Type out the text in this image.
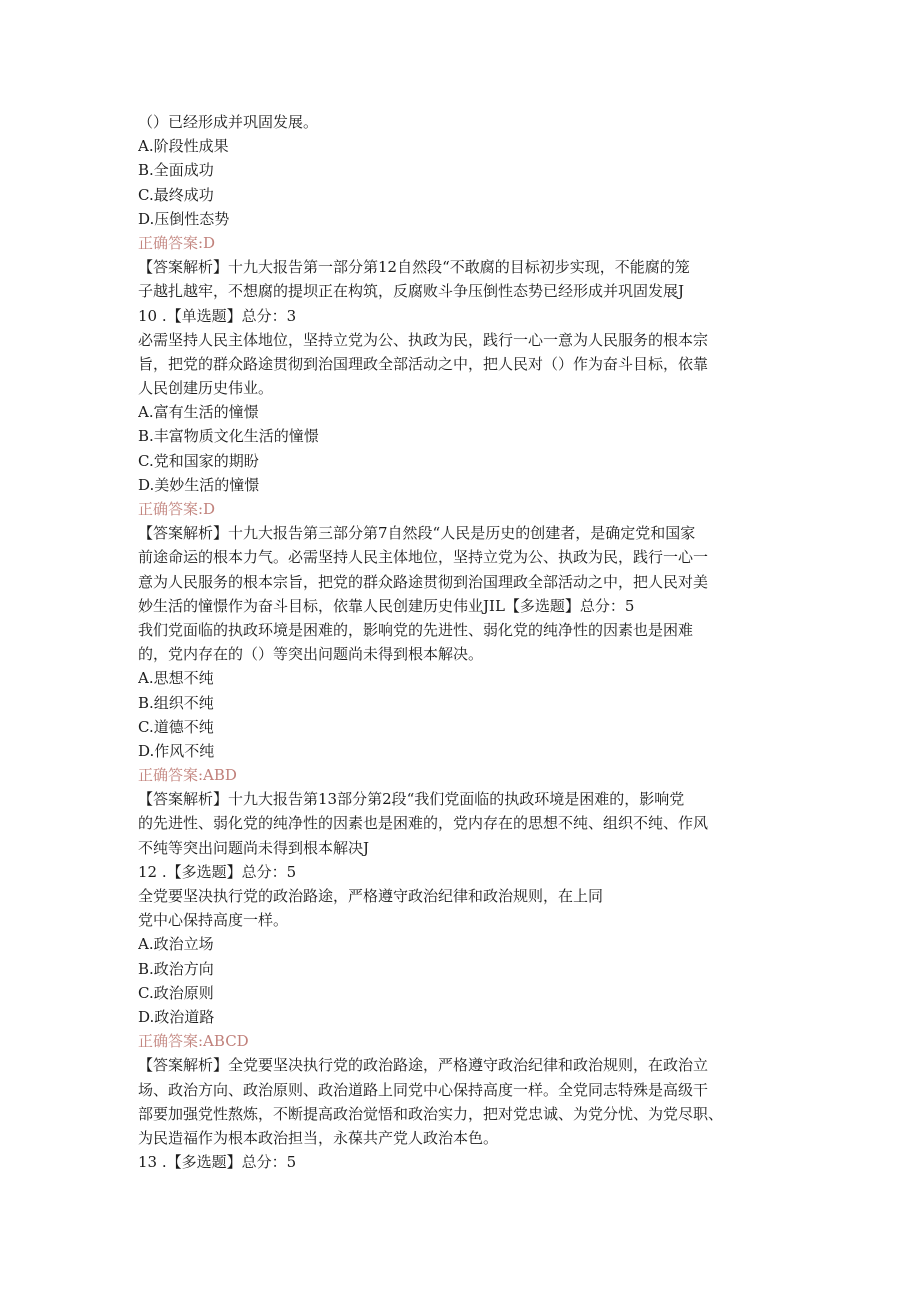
（）已经形成并巩固发展。
A.阶段性成果
B.全面成功
C.最终成功
D.压倒性态势
正确答案:D
【答案解析】十九大报告第一部分第12自然段“不敢腐的目标初步实现，不能腐的笼
子越扎越牢，不想腐的提坝正在构筑，反腐败斗争压倒性态势已经形成并巩固发展J
10 .【单选题】总分：3
必需坚持人民主体地位，坚持立党为公、执政为民，践行一心一意为人民服务的根本宗
旨，把党的群众路途贯彻到治国理政全部活动之中，把人民对（）作为奋斗目标，依靠
人民创建历史伟业。
A.富有生活的憧憬
B.丰富物质文化生活的憧憬
C.党和国家的期盼
D.美妙生活的憧憬
正确答案:D
【答案解析】十九大报告第三部分第7自然段“人民是历史的创建者，是确定党和国家
前途命运的根本力气。必需坚持人民主体地位，坚持立党为公、执政为民，践行一心一
意为人民服务的根本宗旨，把党的群众路途贯彻到治国理政全部活动之中，把人民对美
妙生活的憧憬作为奋斗目标，依靠人民创建历史伟业JIL【多选题】总分：5
我们党面临的执政环境是困难的，影响党的先进性、弱化党的纯净性的因素也是困难
的，党内存在的（）等突出问题尚未得到根本解决。
A.思想不纯
B.组织不纯
C.道德不纯
D.作风不纯
正确答案:ABD
【答案解析】十九大报告第13部分第2段“我们党面临的执政环境是困难的，影响党
的先进性、弱化党的纯净性的因素也是困难的，党内存在的思想不纯、组织不纯、作风
不纯等突出问题尚未得到根本解决J
12 .【多选题】总分：5
全党要坚决执行党的政治路途，严格遵守政治纪律和政治规则，在上同
党中心保持高度一样。
A.政治立场
B.政治方向
C.政治原则
D.政治道路
正确答案:ABCD
【答案解析】全党要坚决执行党的政治路途，严格遵守政治纪律和政治规则，在政治立
场、政治方向、政治原则、政治道路上同党中心保持高度一样。全党同志特殊是高级干
部要加强党性熬炼，不断提高政治觉悟和政治实力，把对党忠诚、为党分忧、为党尽职、
为民造福作为根本政治担当，永葆共产党人政治本色。
13 .【多选题】总分：5
